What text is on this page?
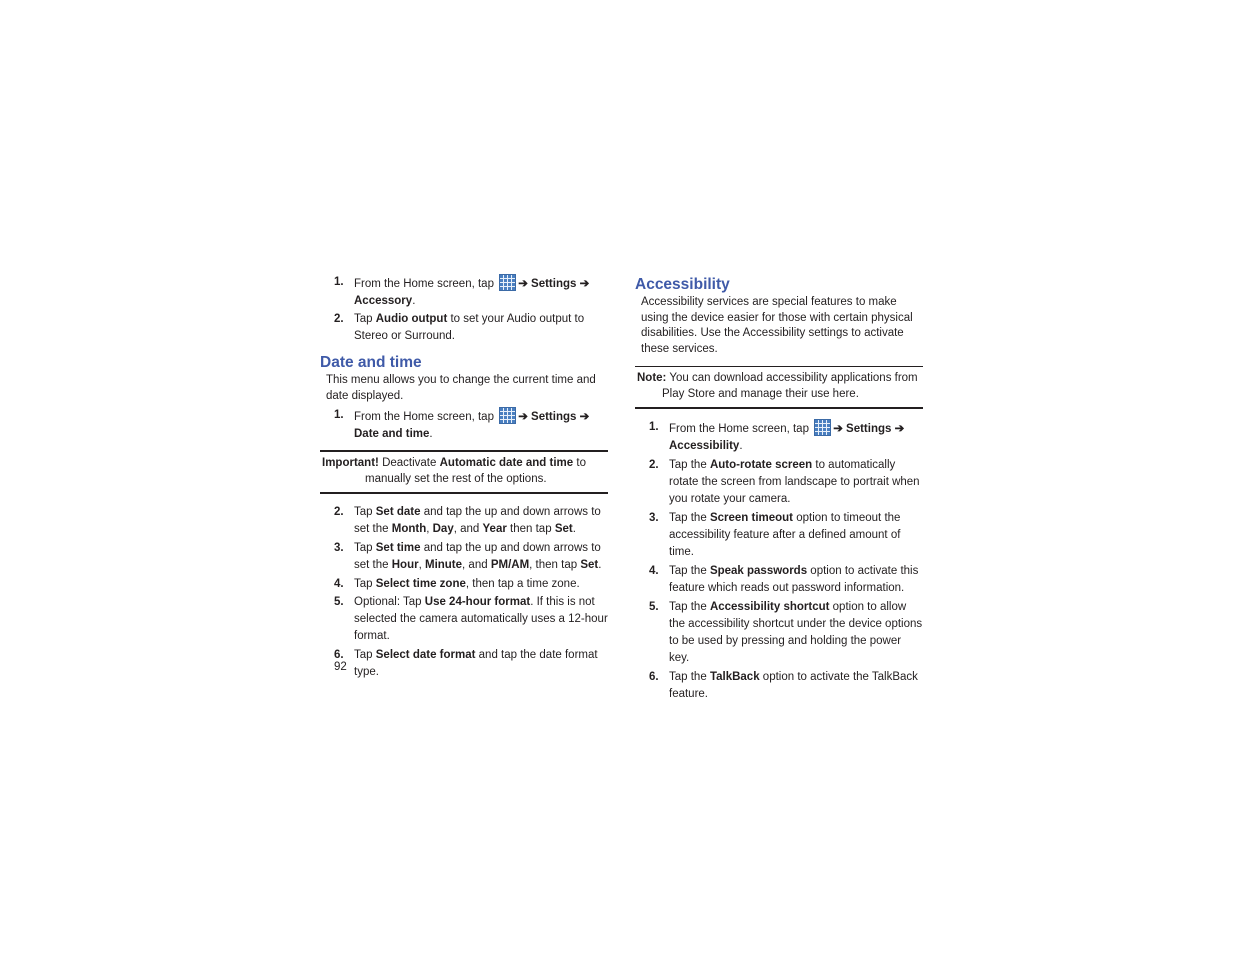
1. From the Home screen, tap ➔ Settings ➔ Accessory.
2. Tap Audio output to set your Audio output to Stereo or Surround.
Date and time
This menu allows you to change the current time and date displayed.
1. From the Home screen, tap ➔ Settings ➔ Date and time.
Important! Deactivate Automatic date and time to manually set the rest of the options.
2. Tap Set date and tap the up and down arrows to set the Month, Day, and Year then tap Set.
3. Tap Set time and tap the up and down arrows to set the Hour, Minute, and PM/AM, then tap Set.
4. Tap Select time zone, then tap a time zone.
5. Optional: Tap Use 24-hour format. If this is not selected the camera automatically uses a 12-hour format.
6. Tap Select date format and tap the date format type.
92
Accessibility
Accessibility services are special features to make using the device easier for those with certain physical disabilities. Use the Accessibility settings to activate these services.
Note: You can download accessibility applications from Play Store and manage their use here.
1. From the Home screen, tap ➔ Settings ➔ Accessibility.
2. Tap the Auto-rotate screen to automatically rotate the screen from landscape to portrait when you rotate your camera.
3. Tap the Screen timeout option to timeout the accessibility feature after a defined amount of time.
4. Tap the Speak passwords option to activate this feature which reads out password information.
5. Tap the Accessibility shortcut option to allow the accessibility shortcut under the device options to be used by pressing and holding the power key.
6. Tap the TalkBack option to activate the TalkBack feature.
